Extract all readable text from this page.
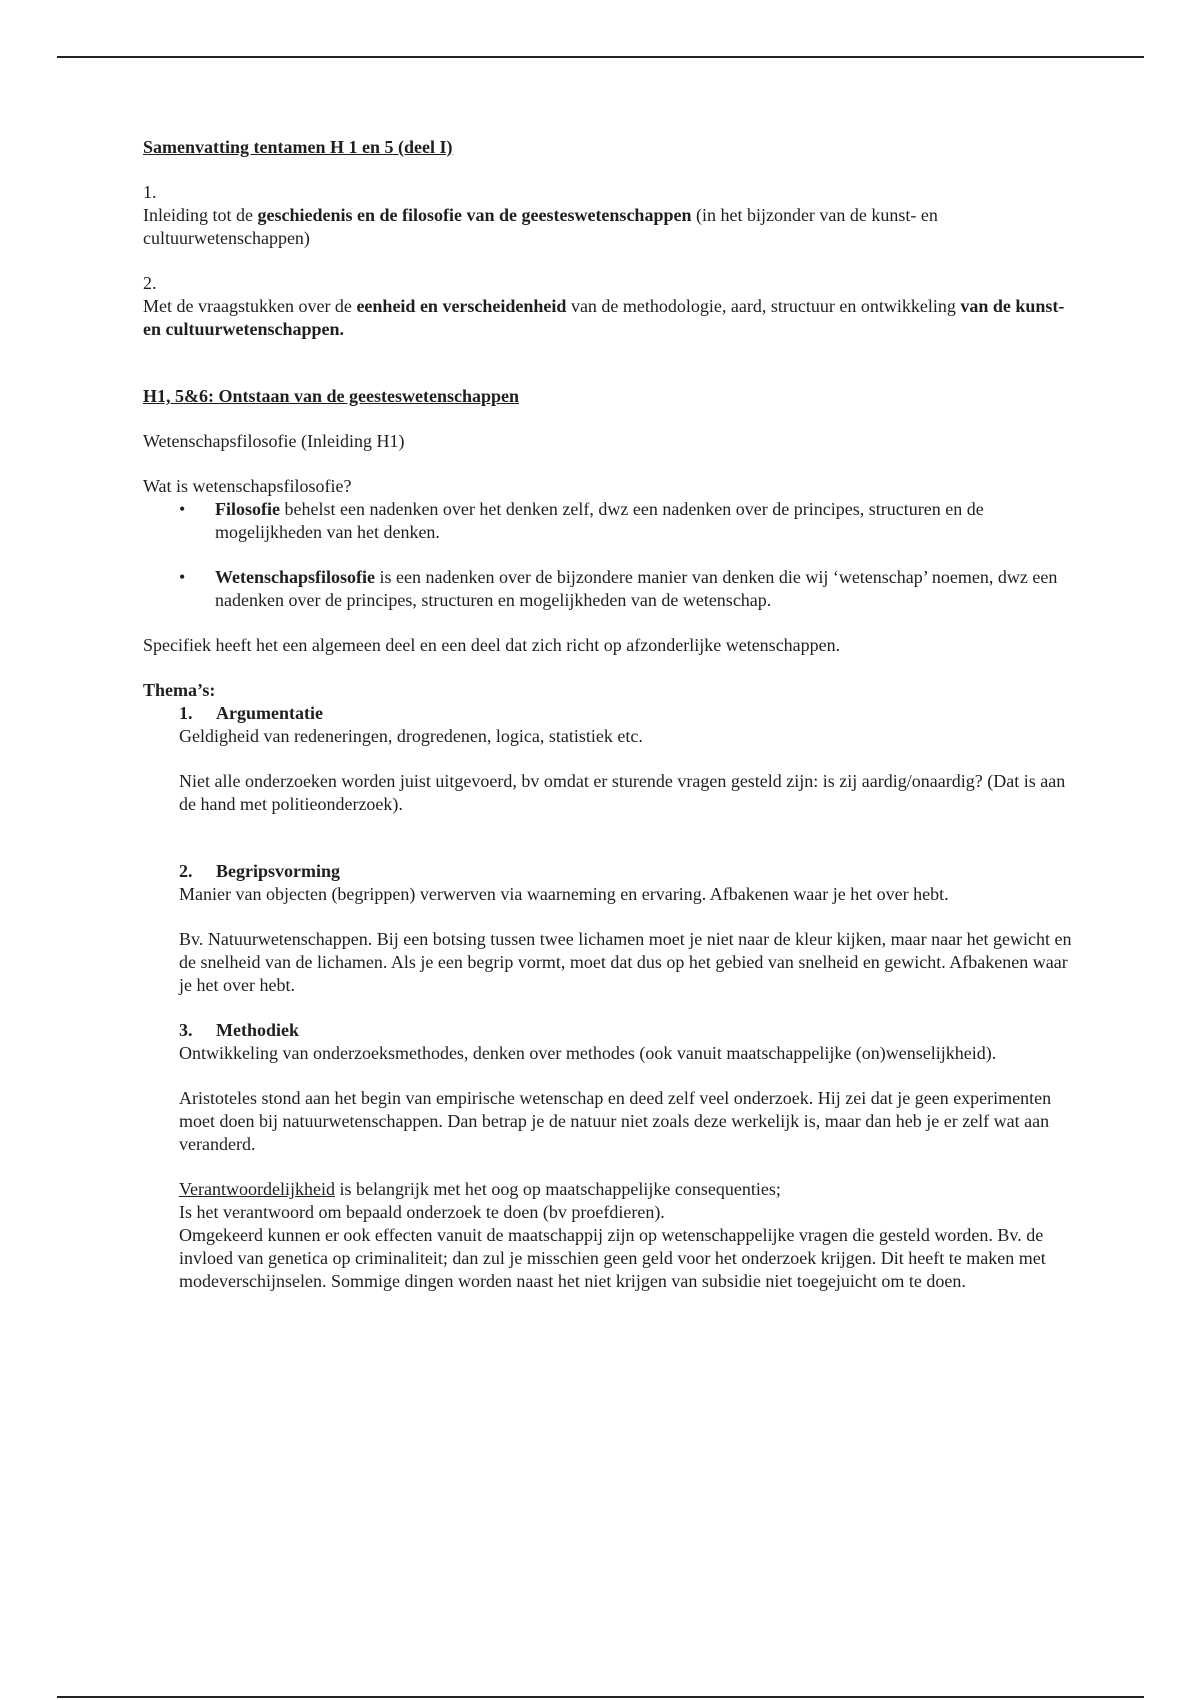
Samenvatting tentamen H 1 en 5 (deel I)

1.

Inleiding tot de geschiedenis en de filosofie van de geesteswetenschappen (in het bijzonder van de kunst- en cultuurwetenschappen)

2.

Met de vraagstukken over de eenheid en verscheidenheid van de methodologie, aard, structuur en ontwikkeling van de kunst- en cultuurwetenschappen.

H1, 5&6: Ontstaan van de geesteswetenschappen

Wetenschapsfilosofie (Inleiding H1)

Wat is wetenschapsfilosofie?

• Filosofie behelst een nadenken over het denken zelf, dwz een nadenken over de principes, structuren en de mogelijkheden van het denken.
• Wetenschapsfilosofie is een nadenken over de bijzondere manier van denken die wij ‘wetenschap’ noemen, dwz een nadenken over de principes, structuren en mogelijkheden van de wetenschap.

Specifiek heeft het een algemeen deel en een deel dat zich richt op afzonderlijke wetenschappen.

Thema’s:

1. Argumentatie

Geldigheid van redeneringen, drogredenen, logica, statistiek etc.

Niet alle onderzoeken worden juist uitgevoerd, bv omdat er sturende vragen gesteld zijn: is zij aardig/onaardig? (Dat is aan de hand met politieonderzoek).

2. Begripsvorming

Manier van objecten (begrippen) verwerven via waarneming en ervaring. Afbakenen waar je het over hebt.

Bv. Natuurwetenschappen. Bij een botsing tussen twee lichamen moet je niet naar de kleur kijken, maar naar het gewicht en de snelheid van de lichamen. Als je een begrip vormt, moet dat dus op het gebied van snelheid en gewicht. Afbakenen waar je het over hebt.

3. Methodiek

Ontwikkeling van onderzoeksmethodes, denken over methodes (ook vanuit maatschappelijke (on)wenselijkheid).

Aristoteles stond aan het begin van empirische wetenschap en deed zelf veel onderzoek. Hij zei dat je geen experimenten moet doen bij natuurwetenschappen. Dan betrap je de natuur niet zoals deze werkelijk is, maar dan heb je er zelf wat aan veranderd.

Verantwoordelijkheid is belangrijk met het oog op maatschappelijke consequenties;

Is het verantwoord om bepaald onderzoek te doen (bv proefdieren).

Omgekeerd kunnen er ook effecten vanuit de maatschappij zijn op wetenschappelijke vragen die gesteld worden. Bv. de invloed van genetica op criminaliteit; dan zul je misschien geen geld voor het onderzoek krijgen. Dit heeft te maken met modeverschijnselen. Sommige dingen worden naast het niet krijgen van subsidie niet toegejuicht om te doen.
